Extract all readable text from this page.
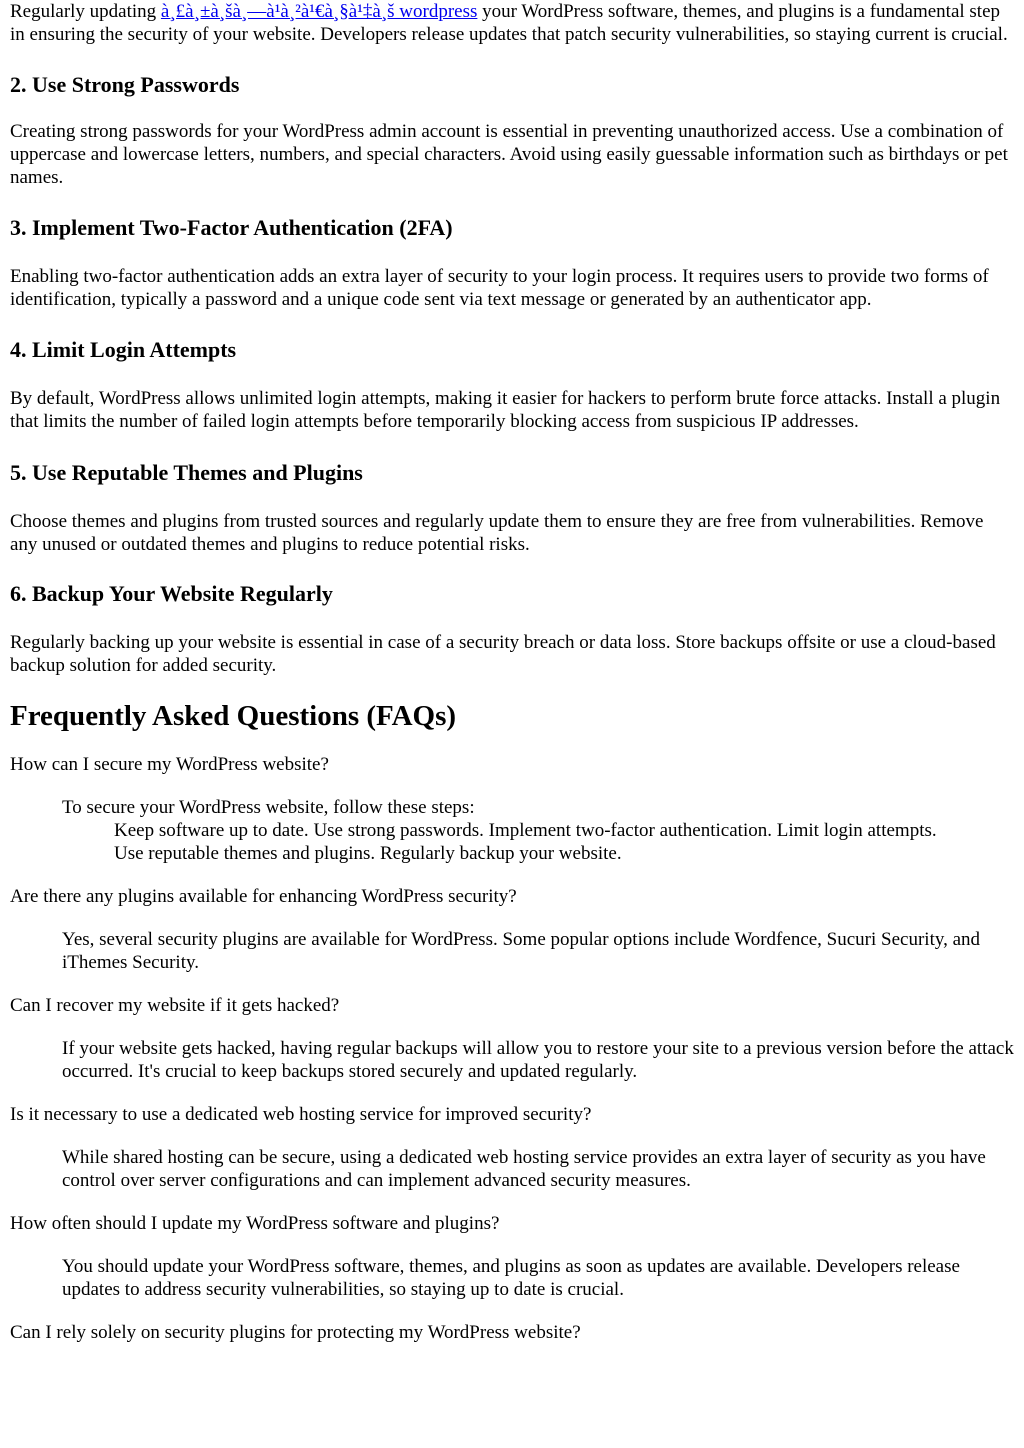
Regularly updating à¸£à¸±à¸šà¸—à¹à¸²à¹€à¸§à¹‡à¸š wordpress your WordPress software, themes, and plugins is a fundamental step in ensuring the security of your website. Developers release updates that patch security vulnerabilities, so staying current is crucial.

2. Use Strong Passwords

Creating strong passwords for your WordPress admin account is essential in preventing unauthorized access. Use a combination of uppercase and lowercase letters, numbers, and special characters. Avoid using easily guessable information such as birthdays or pet names.

3. Implement Two-Factor Authentication (2FA)

Enabling two-factor authentication adds an extra layer of security to your login process. It requires users to provide two forms of identification, typically a password and a unique code sent via text message or generated by an authenticator app.

4. Limit Login Attempts

By default, WordPress allows unlimited login attempts, making it easier for hackers to perform brute force attacks. Install a plugin that limits the number of failed login attempts before temporarily blocking access from suspicious IP addresses.

5. Use Reputable Themes and Plugins

Choose themes and plugins from trusted sources and regularly update them to ensure they are free from vulnerabilities. Remove any unused or outdated themes and plugins to reduce potential risks.

6. Backup Your Website Regularly

Regularly backing up your website is essential in case of a security breach or data loss. Store backups offsite or use a cloud-based backup solution for added security.

Frequently Asked Questions (FAQs)

How can I secure my WordPress website?

To secure your WordPress website, follow these steps:

Keep software up to date. Use strong passwords. Implement two-factor authentication. Limit login attempts.
Use reputable themes and plugins. Regularly backup your website.

Are there any plugins available for enhancing WordPress security?

Yes, several security plugins are available for WordPress. Some popular options include Wordfence, Sucuri Security, and iThemes Security.

Can I recover my website if it gets hacked?

If your website gets hacked, having regular backups will allow you to restore your site to a previous version before the attack occurred. It's crucial to keep backups stored securely and updated regularly.

Is it necessary to use a dedicated web hosting service for improved security?

While shared hosting can be secure, using a dedicated web hosting service provides an extra layer of security as you have control over server configurations and can implement advanced security measures.

How often should I update my WordPress software and plugins?

You should update your WordPress software, themes, and plugins as soon as updates are available. Developers release updates to address security vulnerabilities, so staying up to date is crucial.

Can I rely solely on security plugins for protecting my WordPress website?
